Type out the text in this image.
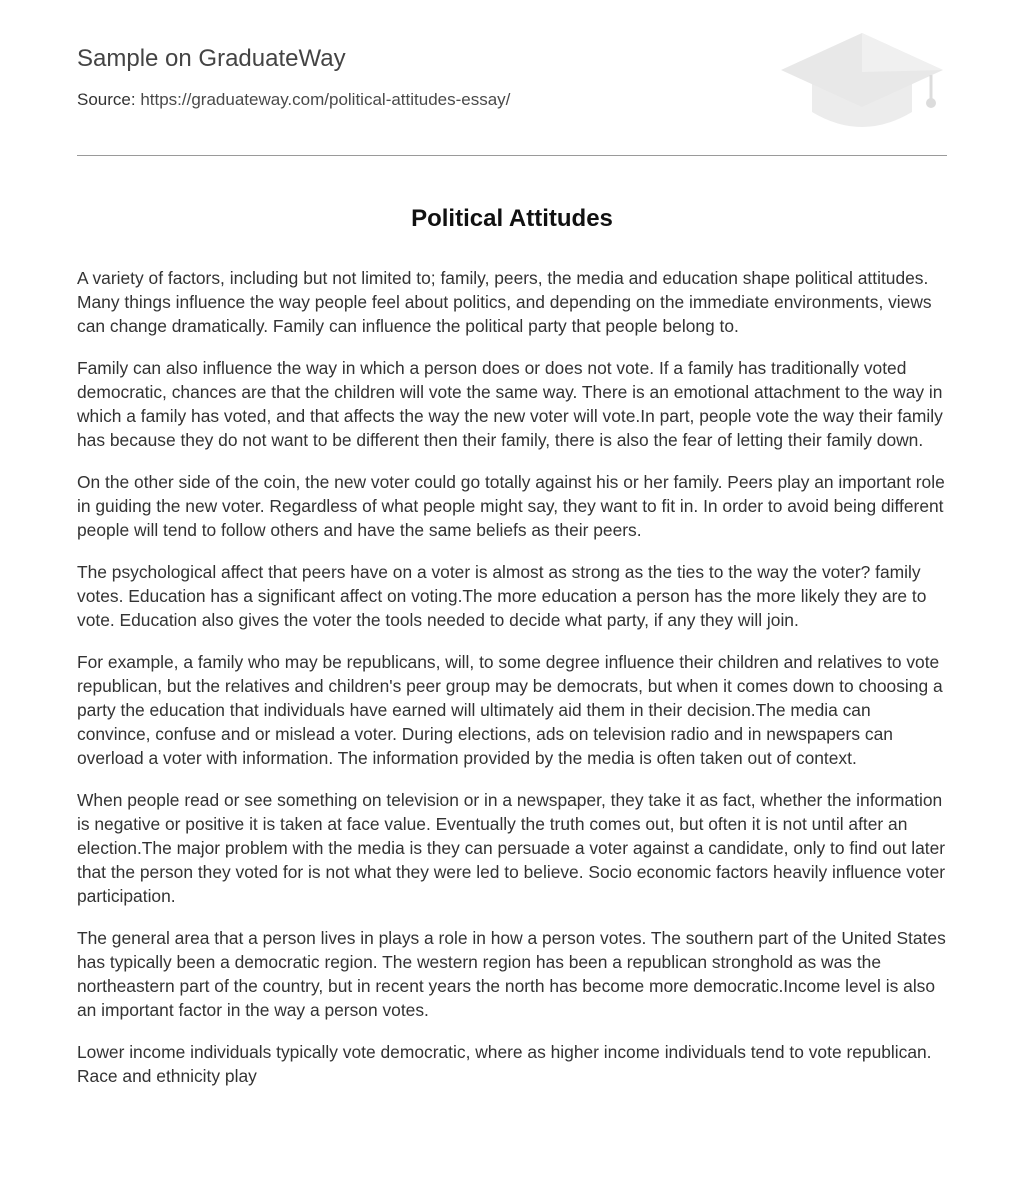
Sample on GraduateWay
Source: https://graduateway.com/political-attitudes-essay/
Political Attitudes

A variety of factors, including but not limited to; family, peers, the media and education shape political attitudes. Many things influence the way people feel about politics, and depending on the immediate environments, views can change dramatically. Family can influence the political party that people belong to.

Family can also influence the way in which a person does or does not vote. If a family has traditionally voted democratic, chances are that the children will vote the same way. There is an emotional attachment to the way in which a family has voted, and that affects the way the new voter will vote.In part, people vote the way their family has because they do not want to be different then their family, there is also the fear of letting their family down.

On the other side of the coin, the new voter could go totally against his or her family. Peers play an important role in guiding the new voter. Regardless of what people might say, they want to fit in. In order to avoid being different people will tend to follow others and have the same beliefs as their peers.

The psychological affect that peers have on a voter is almost as strong as the ties to the way the voter? family votes. Education has a significant affect on voting.The more education a person has the more likely they are to vote. Education also gives the voter the tools needed to decide what party, if any they will join.

For example, a family who may be republicans, will, to some degree influence their children and relatives to vote republican, but the relatives and children's peer group may be democrats, but when it comes down to choosing a party the education that individuals have earned will ultimately aid them in their decision.The media can convince, confuse and or mislead a voter. During elections, ads on television radio and in newspapers can overload a voter with information. The information provided by the media is often taken out of context.

When people read or see something on television or in a newspaper, they take it as fact, whether the information is negative or positive it is taken at face value. Eventually the truth comes out, but often it is not until after an election.The major problem with the media is they can persuade a voter against a candidate, only to find out later that the person they voted for is not what they were led to believe. Socio economic factors heavily influence voter participation.

The general area that a person lives in plays a role in how a person votes. The southern part of the United States has typically been a democratic region. The western region has been a republican stronghold as was the northeastern part of the country, but in recent years the north has become more democratic.Income level is also an important factor in the way a person votes.

Lower income individuals typically vote democratic, where as higher income individuals tend to vote republican. Race and ethnicity play
